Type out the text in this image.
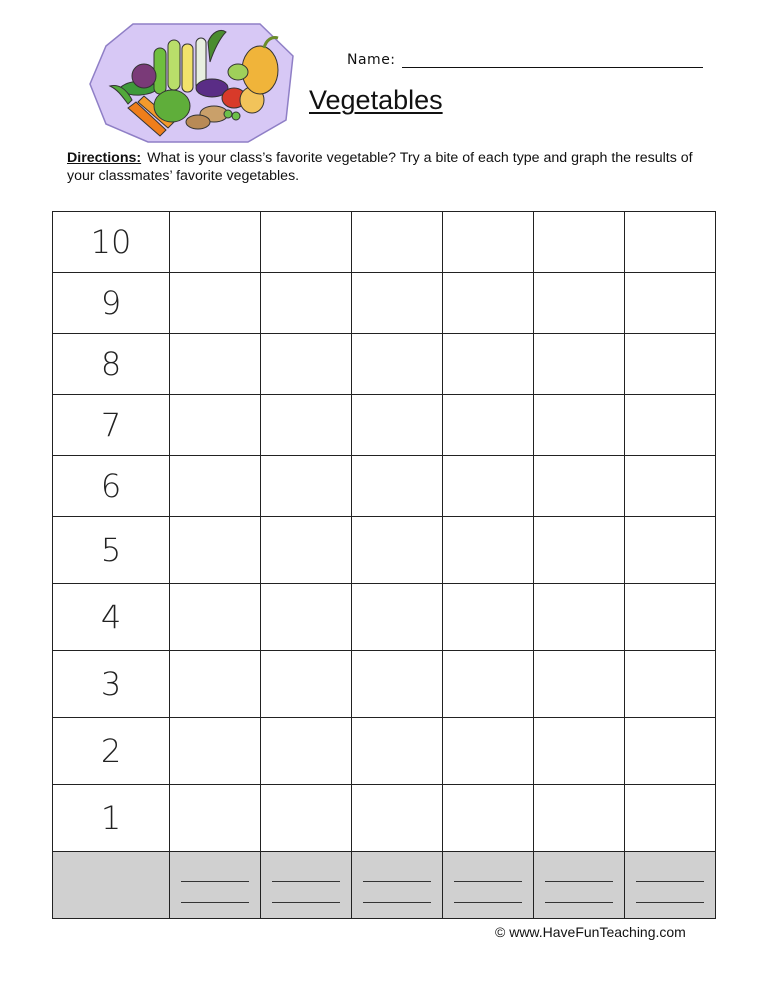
Name:
Vegetables
Directions: What is your class’s favorite vegetable? Try a bite of each type and graph the results of your classmates’ favorite vegetables.
10						
9						
8						
7						
6						
5						
4						
3						
2						
1						

© www.HaveFunTeaching.com
